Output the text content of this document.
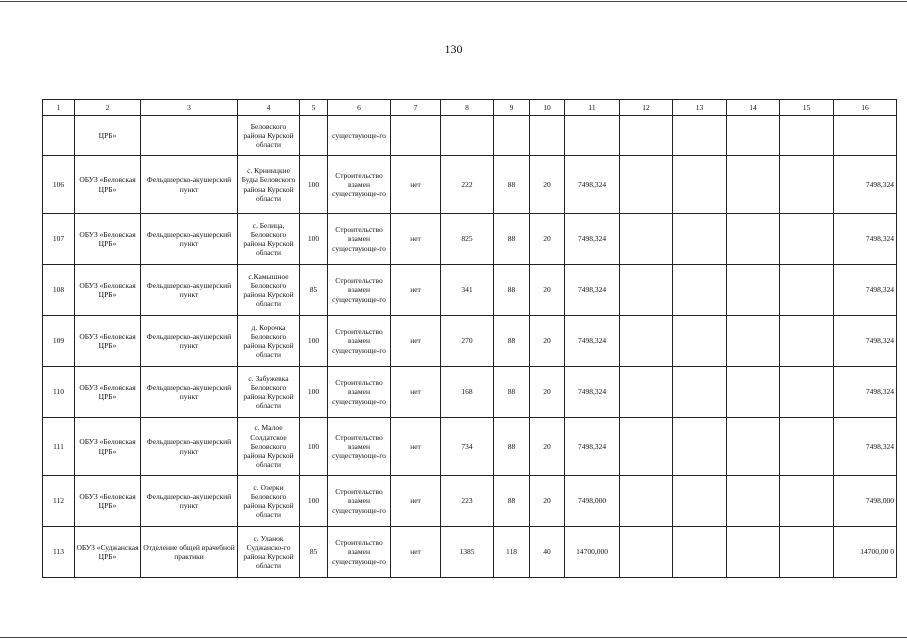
130
1	2	3	4	5	6	7	8	9	10	11	12	13	14	15	16
	ЦРБ»		Беловского района Курской области		существующе-го										
106	ОБУЗ «Беловская ЦРБ»	Фельдшерско-акушерский пункт	с. Крнинцкие Буды Беловского района Курской области	100	Строительство взамен существующе-го	нет	222	88	20	7498,324					7498,324
107	ОБУЗ «Беловская ЦРБ»	Фельдшерско-акушерский пункт	с. Белица, Беловского района Курской области	100	Строительство взамен существующе-го	нет	825	88	20	7498,324					7498,324
108	ОБУЗ «Беловская ЦРБ»	Фельдшерско-акушерский пункт	с.Камышное Беловского района Курской области	85	Строительство взамен существующе-го	нет	341	88	20	7498,324					7498,324
109	ОБУЗ «Беловская ЦРБ»	Фельдшерско-акушерский пункт	д. Корочка Беловского района Курской области	100	Строительство взамен существующе-го	нет	270	88	20	7498,324					7498,324
110	ОБУЗ «Беловская ЦРБ»	Фельдшерско-акушерский пункт	с. Забужевка Беловского района Курской области	100	Строительство взамен существующе-го	нет	168	88	20	7498,324					7498,324
111	ОБУЗ «Беловская ЦРБ»	Фельдшерско-акушерский пункт	с. Малое Солдатское Беловского района Курской области	100	Строительство взамен существующе-го	нет	734	88	20	7498,324					7498,324
112	ОБУЗ «Беловская ЦРБ»	Фельдшерско-акушерский пункт	с. Озерки Беловского района Курской области	100	Строительство взамен существующе-го	нет	223	88	20	7498,000					7498,000
113	ОБУЗ «Суджанская ЦРБ»	Отделение общей врачебной практики	с. Уланок Суджанско-го района Курской области	85	Строительство взамен существующе-го	нет	1385	118	40	14700,000					14700,00 0
